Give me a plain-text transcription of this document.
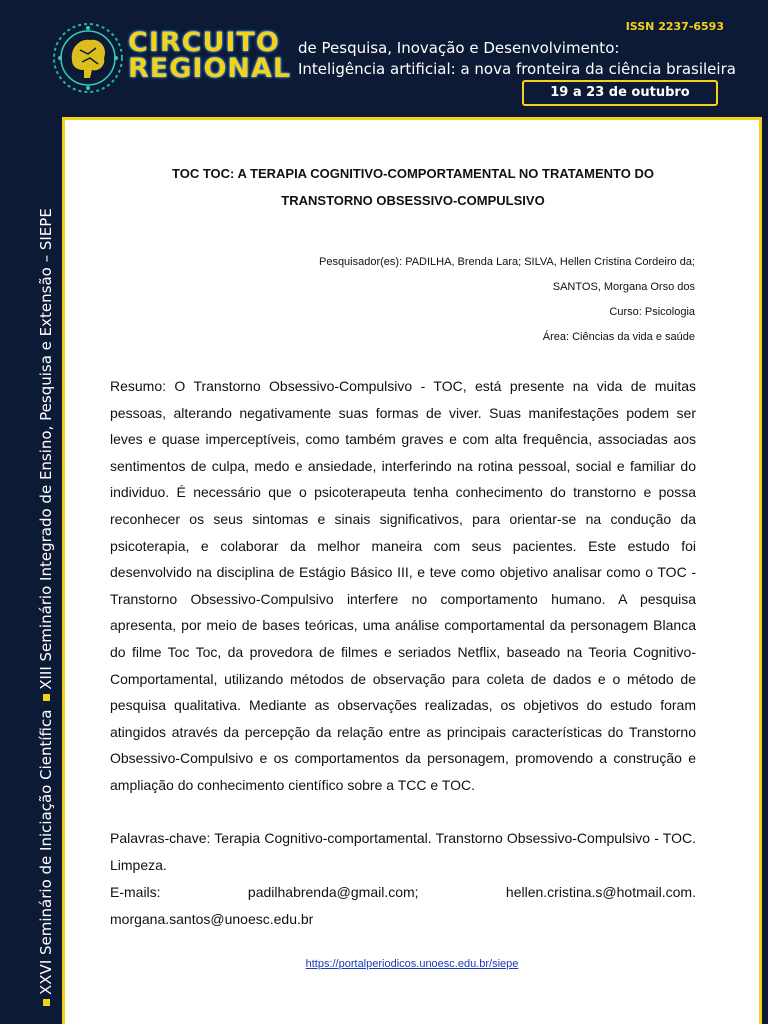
CIRCUITO
REGIONAL
de Pesquisa, Inovação e Desenvolvimento:
Inteligência artificial: a nova fronteira da ciência brasileira
ISSN 2237-6593
19 a 23 de outubro
XXVI Seminário de Iniciação Científica XIII Seminário Integrado de Ensino, Pesquisa e Extensão – SIEPE
TOC TOC: A TERAPIA COGNITIVO-COMPORTAMENTAL NO TRATAMENTO DO TRANSTORNO OBSESSIVO-COMPULSIVO
Pesquisador(es): PADILHA, Brenda Lara; SILVA, Hellen Cristina Cordeiro da;
SANTOS, Morgana Orso dos
Curso: Psicologia
Área: Ciências da vida e saúde
Resumo: O Transtorno Obsessivo-Compulsivo - TOC, está presente na vida de muitas pessoas, alterando negativamente suas formas de viver. Suas manifestações podem ser leves e quase imperceptíveis, como também graves e com alta frequência, associadas aos sentimentos de culpa, medo e ansiedade, interferindo na rotina pessoal, social e familiar do individuo. É necessário que o psicoterapeuta tenha conhecimento do transtorno e possa reconhecer os seus sintomas e sinais significativos, para orientar-se na condução da psicoterapia, e colaborar da melhor maneira com seus pacientes. Este estudo foi desenvolvido na disciplina de Estágio Básico III, e teve como objetivo analisar como o TOC - Transtorno Obsessivo-Compulsivo interfere no comportamento humano. A pesquisa apresenta, por meio de bases teóricas, uma análise comportamental da personagem Blanca do filme Toc Toc, da provedora de filmes e seriados Netflix, baseado na Teoria Cognitivo-Comportamental, utilizando métodos de observação para coleta de dados e o método de pesquisa qualitativa. Mediante as observações realizadas, os objetivos do estudo foram atingidos através da percepção da relação entre as principais características do Transtorno Obsessivo-Compulsivo e os comportamentos da personagem, promovendo a construção e ampliação do conhecimento científico sobre a TCC e TOC.
Palavras-chave: Terapia Cognitivo-comportamental. Transtorno Obsessivo-Compulsivo - TOC. Limpeza.
E-mails:	padilhabrenda@gmail.com;	hellen.cristina.s@hotmail.com.
morgana.santos@unoesc.edu.br
https://portalperiodicos.unoesc.edu.br/siepe
